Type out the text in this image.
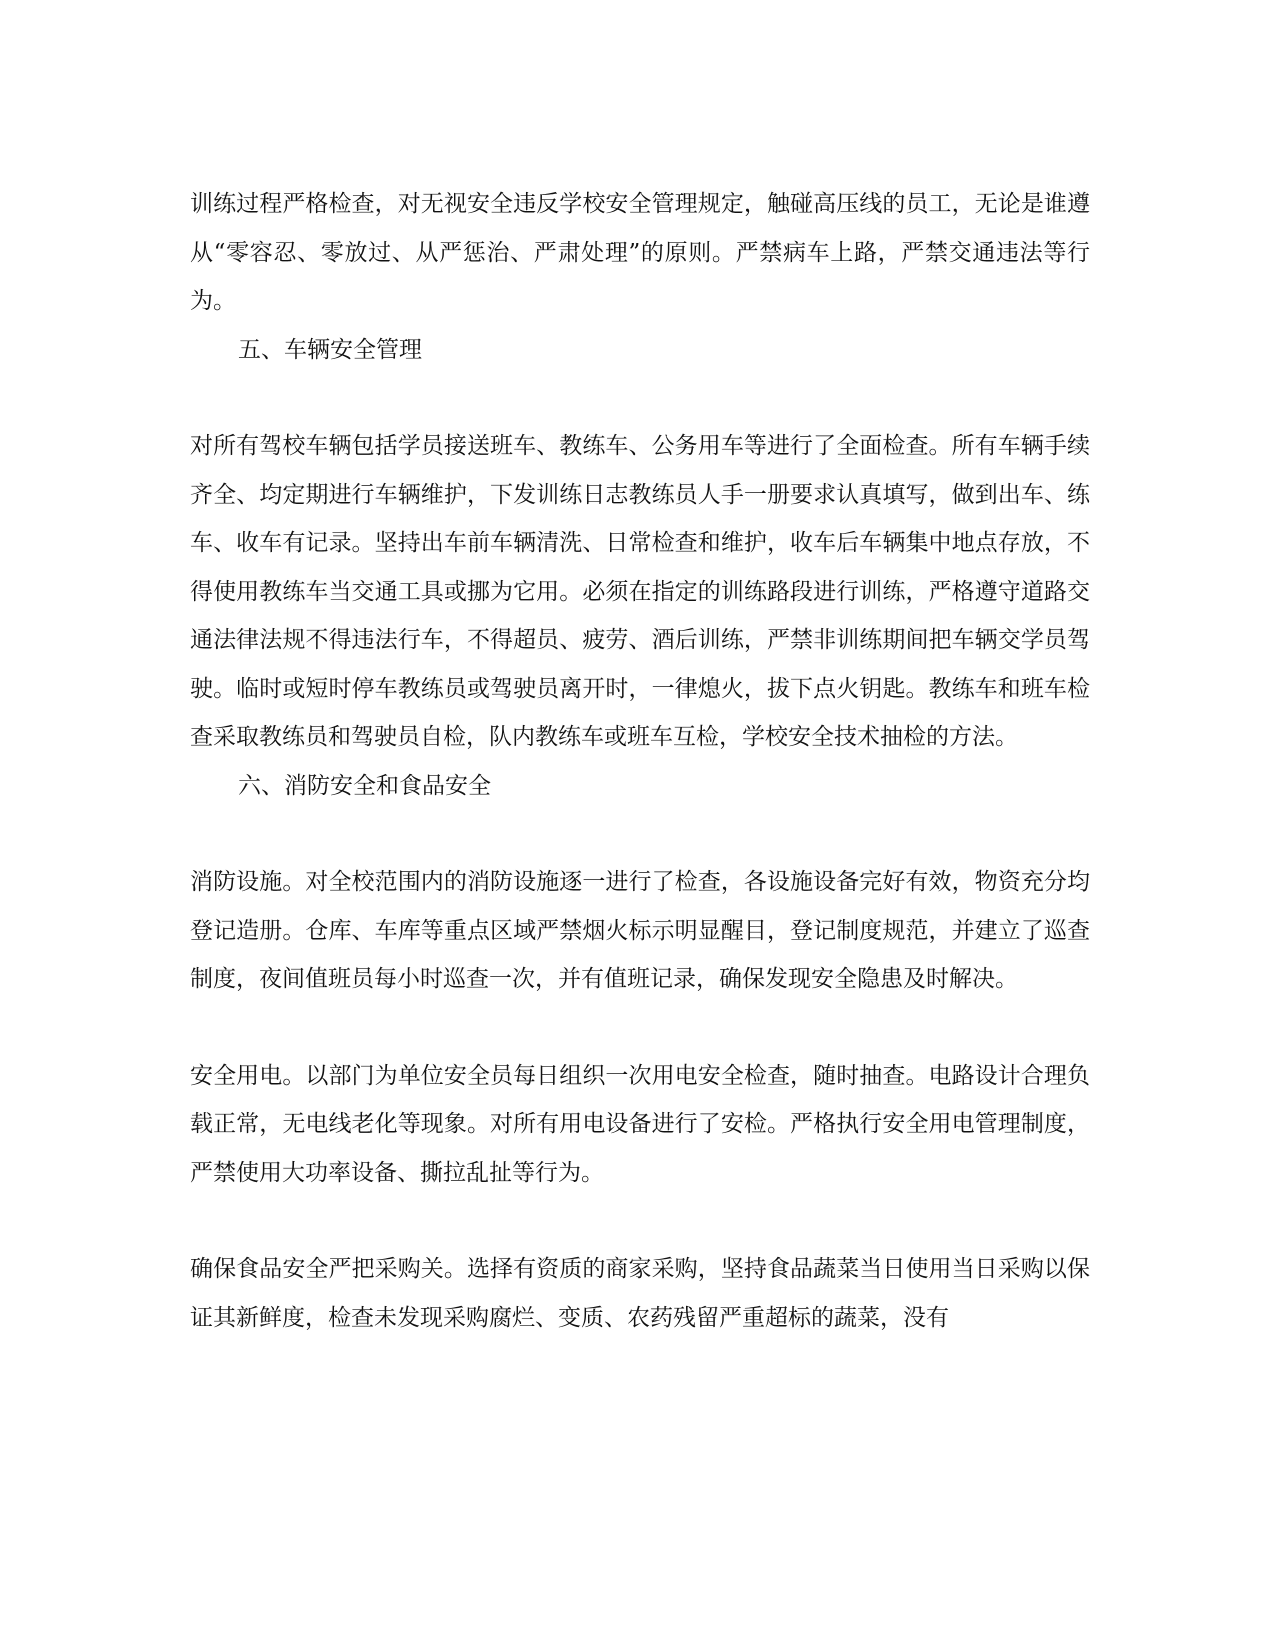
训练过程严格检查，对无视安全违反学校安全管理规定，触碰高压线的员工，无论是谁遵从“零容忍、零放过、从严惩治、严肃处理”的原则。严禁病车上路，严禁交通违法等行为。

五、车辆安全管理

对所有驾校车辆包括学员接送班车、教练车、公务用车等进行了全面检查。所有车辆手续齐全、均定期进行车辆维护，下发训练日志教练员人手一册要求认真填写，做到出车、练车、收车有记录。坚持出车前车辆清洗、日常检查和维护，收车后车辆集中地点存放，不得使用教练车当交通工具或挪为它用。必须在指定的训练路段进行训练，严格遵守道路交通法律法规不得违法行车，不得超员、疲劳、酒后训练，严禁非训练期间把车辆交学员驾驶。临时或短时停车教练员或驾驶员离开时，一律熄火，拔下点火钥匙。教练车和班车检查采取教练员和驾驶员自检，队内教练车或班车互检，学校安全技术抽检的方法。

六、消防安全和食品安全

消防设施。对全校范围内的消防设施逐一进行了检查，各设施设备完好有效，物资充分均登记造册。仓库、车库等重点区域严禁烟火标示明显醒目，登记制度规范，并建立了巡查制度，夜间值班员每小时巡查一次，并有值班记录，确保发现安全隐患及时解决。

安全用电。以部门为单位安全员每日组织一次用电安全检查，随时抽查。电路设计合理负载正常，无电线老化等现象。对所有用电设备进行了安检。严格执行安全用电管理制度，严禁使用大功率设备、撕拉乱扯等行为。

确保食品安全严把采购关。选择有资质的商家采购，坚持食品蔬菜当日使用当日采购以保证其新鲜度，检查未发现采购腐烂、变质、农药残留严重超标的蔬菜，没有
